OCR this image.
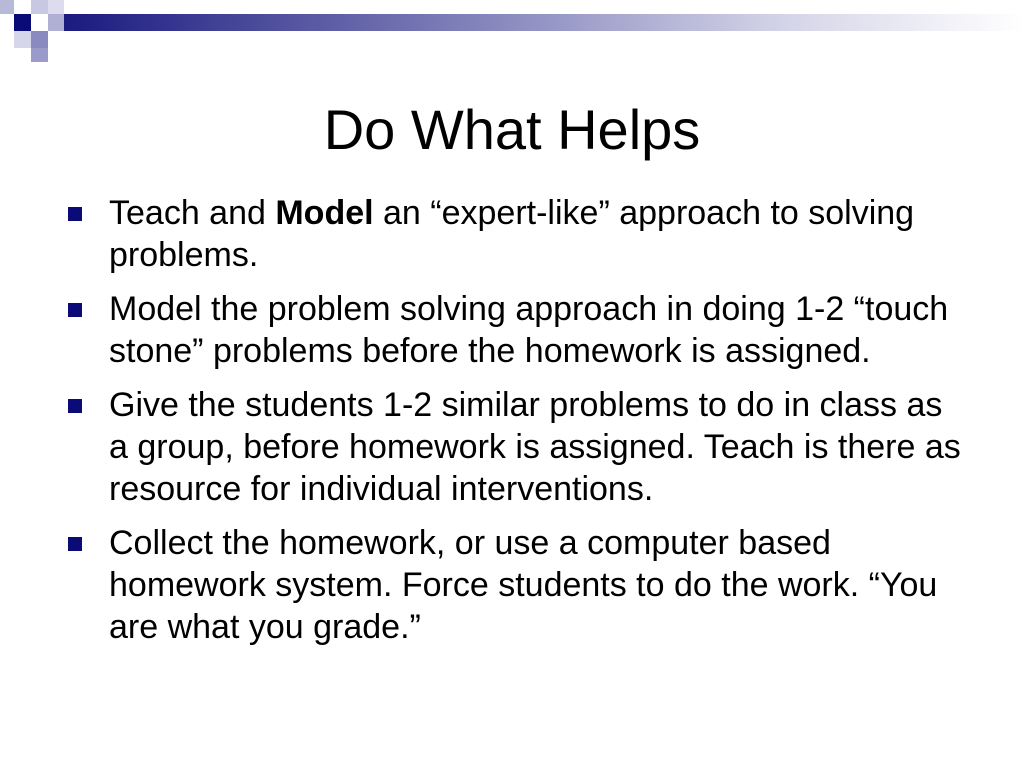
Do What Helps
Teach and Model an “expert-like” approach to solving problems.
Model the problem solving approach in doing 1-2 “touch stone” problems before the homework is assigned.
Give the students 1-2 similar problems to do in class as a group, before homework is assigned. Teach is there as resource for individual interventions.
Collect the homework, or use a computer based homework system. Force students to do the work. “You are what you grade.”
